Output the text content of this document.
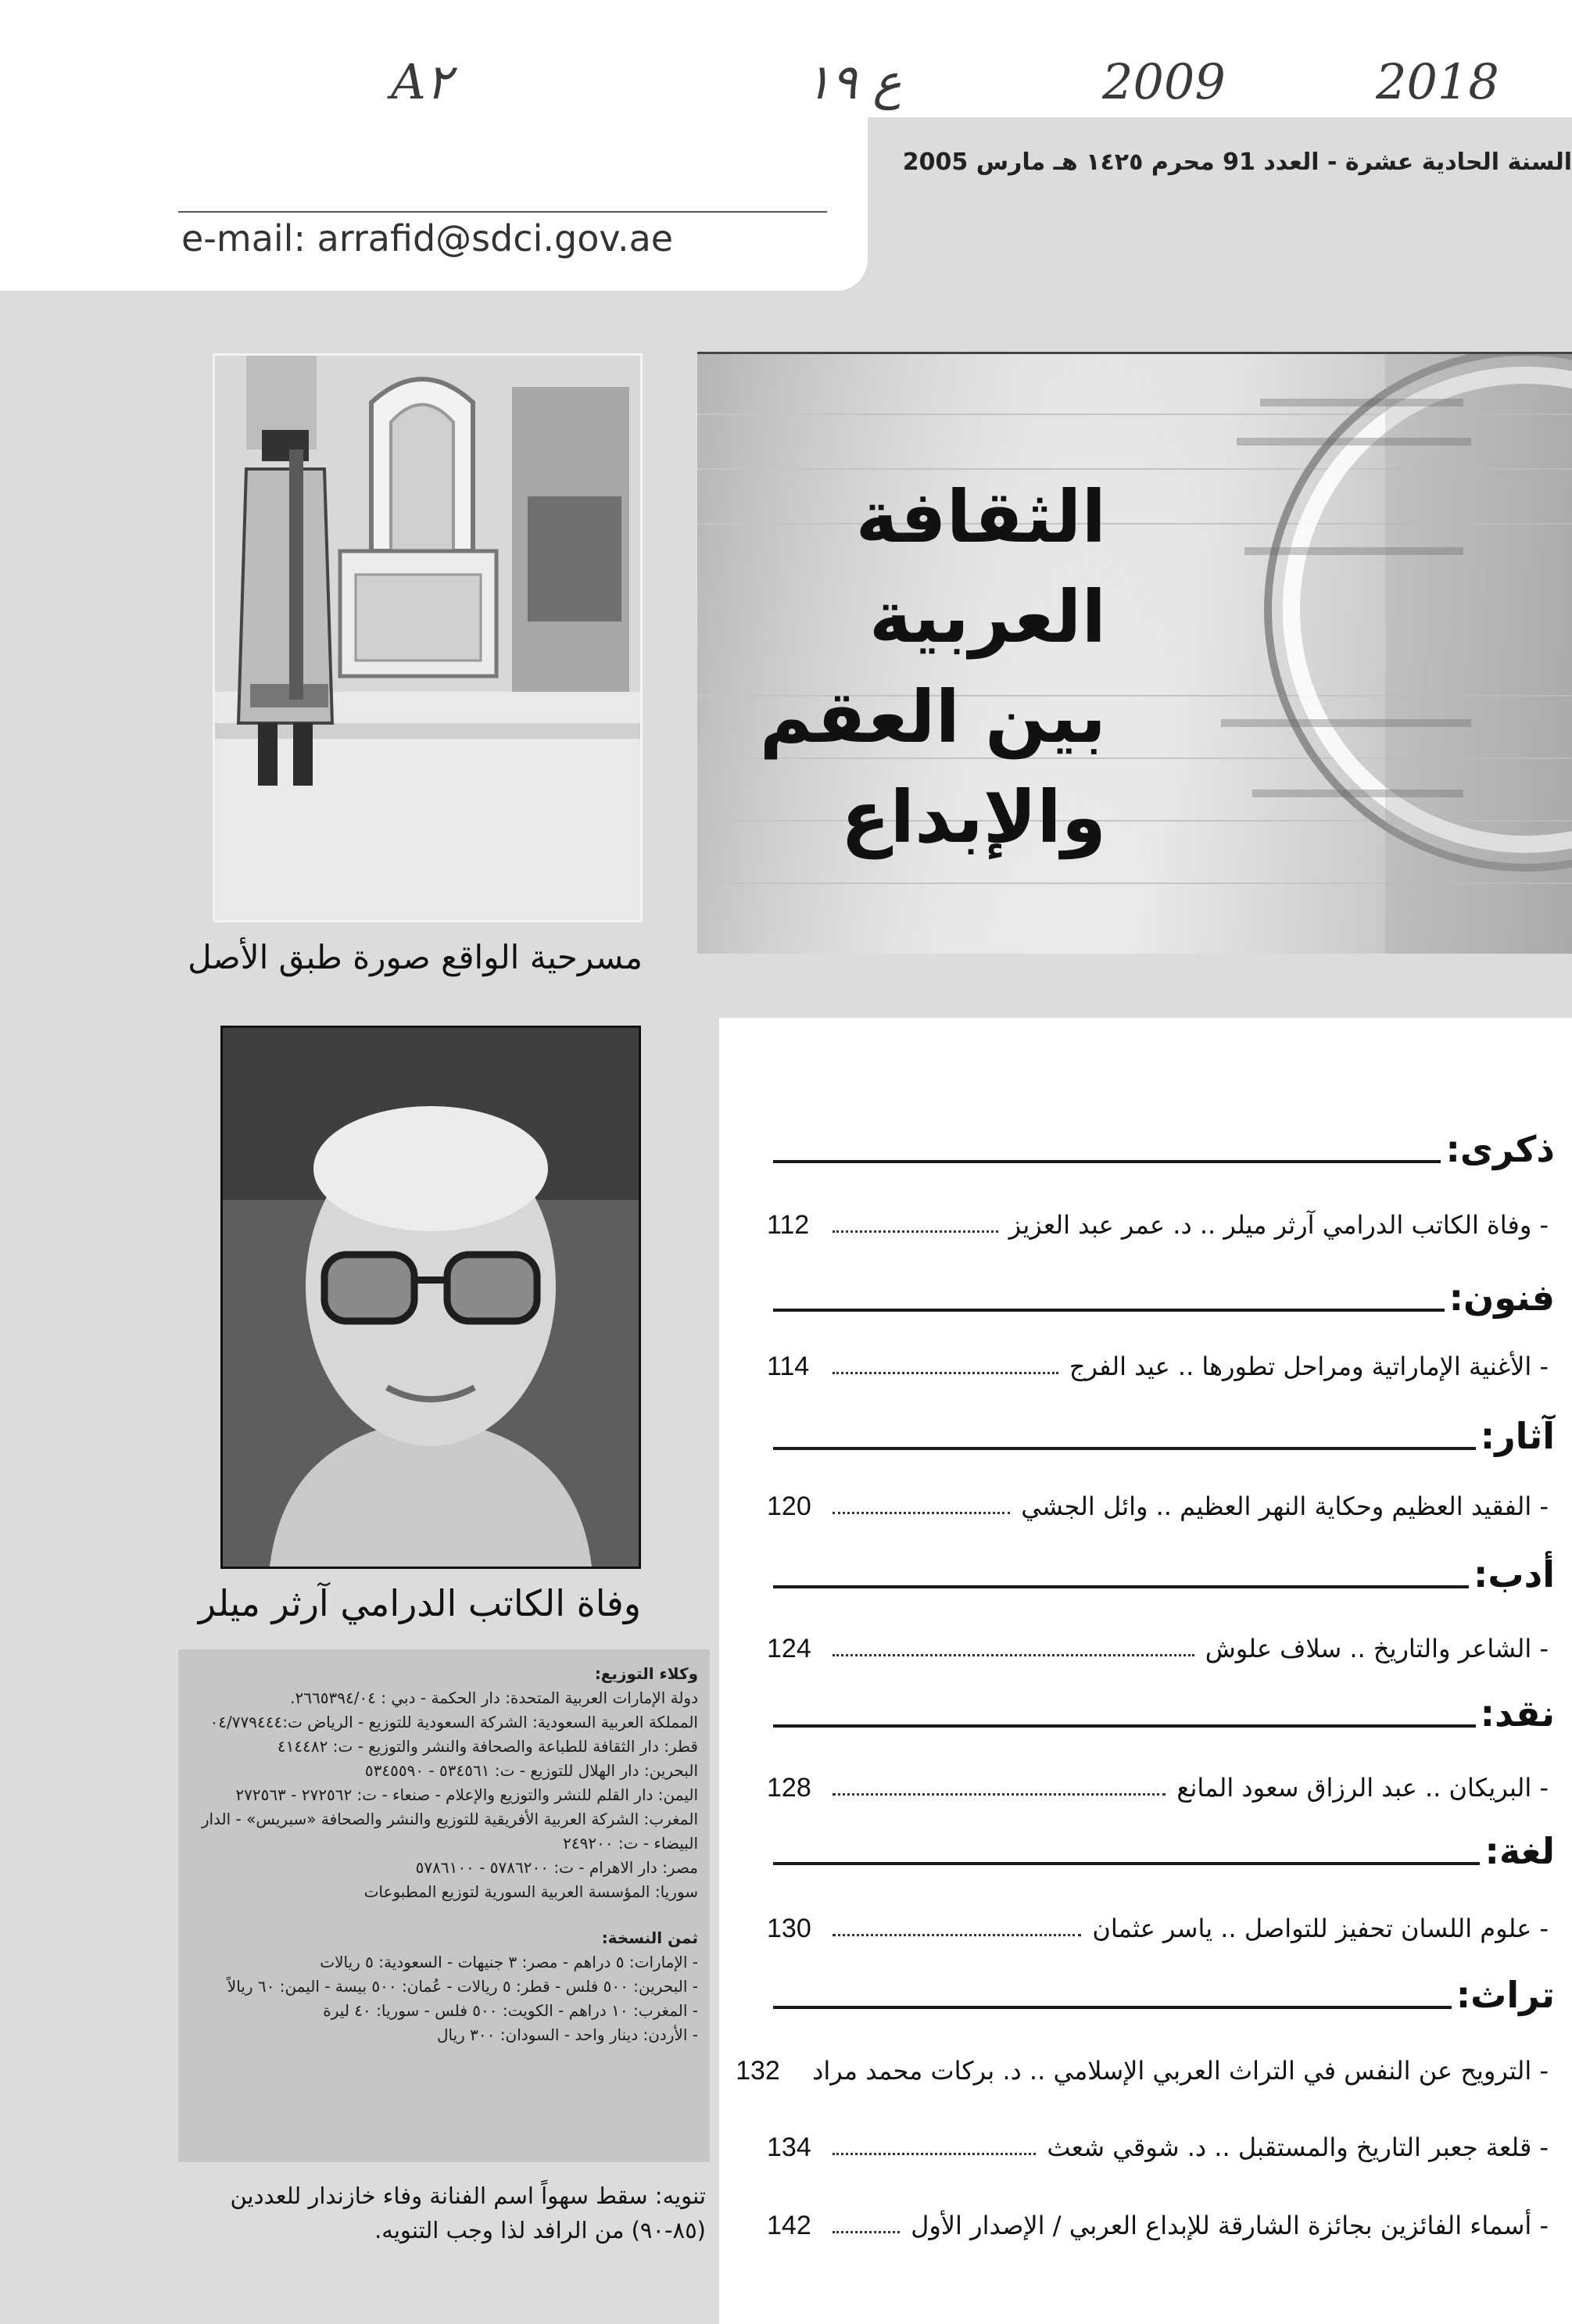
2018
2009
ع ١٩
A٢
السنة الحادية عشرة - العدد 91 محرم ١٤٢٥ هـ مارس 2005
e-mail: arrafid@sdci.gov.ae
الثقافة العربية
بين العقم
والإبداع
مسرحية الواقع صورة طبق الأصل
وفاة الكاتب الدرامي آرثر ميلر
وكلاء التوزيع:
دولة الإمارات العربية المتحدة: دار الحكمة - دبي : ٢٦٦٥٣٩٤/٠٤.
المملكة العربية السعودية: الشركة السعودية للتوزيع - الرياض ت:٠٤/٧٧٩٤٤٤
قطر: دار الثقافة للطباعة والصحافة والنشر والتوزيع - ت: ٤١٤٤٨٢
البحرين: دار الهلال للتوزيع - ت: ٥٣٤٥٦١ - ٥٣٤٥٥٩٠
اليمن: دار القلم للنشر والتوزيع والإعلام - صنعاء - ت: ٢٧٢٥٦٢ - ٢٧٢٥٦٣
المغرب: الشركة العربية الأفريقية للتوزيع والنشر والصحافة «سبريس» - الدار
البيضاء - ت: ٢٤٩٢٠٠
مصر: دار الاهرام - ت: ٥٧٨٦٢٠٠ - ٥٧٨٦١٠٠
سوريا: المؤسسة العربية السورية لتوزيع المطبوعات
ثمن النسخة:
- الإمارات: ٥ دراهم - مصر: ٣ جنيهات - السعودية: ٥ ريالات
- البحرين: ٥٠٠ فلس - قطر: ٥ ريالات - عُمان: ٥٠٠ بيسة - اليمن: ٦٠ ريالاً
- المغرب: ١٠ دراهم - الكويت: ٥٠٠ فلس - سوريا: ٤٠ ليرة
- الأردن: دينار واحد - السودان: ٣٠٠ ريال
تنويه: سقط سهواً اسم الفنانة وفاء خازندار للعددين
(٨٥-٩٠) من الرافد لذا وجب التنويه.
ذكرى:
- وفاة الكاتب الدرامي آرثر ميلر .. د. عمر عبد العزيز
112
فنون:
- الأغنية الإماراتية ومراحل تطورها .. عيد الفرج
114
آثار:
- الفقيد العظيم وحكاية النهر العظيم .. وائل الجشي
120
أدب:
- الشاعر والتاريخ .. سلاف علوش
124
نقد:
- البريكان .. عبد الرزاق سعود المانع
128
لغة:
- علوم اللسان تحفيز للتواصل .. ياسر عثمان
130
تراث:
- الترويح عن النفس في التراث العربي الإسلامي .. د. بركات محمد مراد
132
- قلعة جعبر التاريخ والمستقبل .. د. شوقي شعث
134
- أسماء الفائزين بجائزة الشارقة للإبداع العربي / الإصدار الأول
142
